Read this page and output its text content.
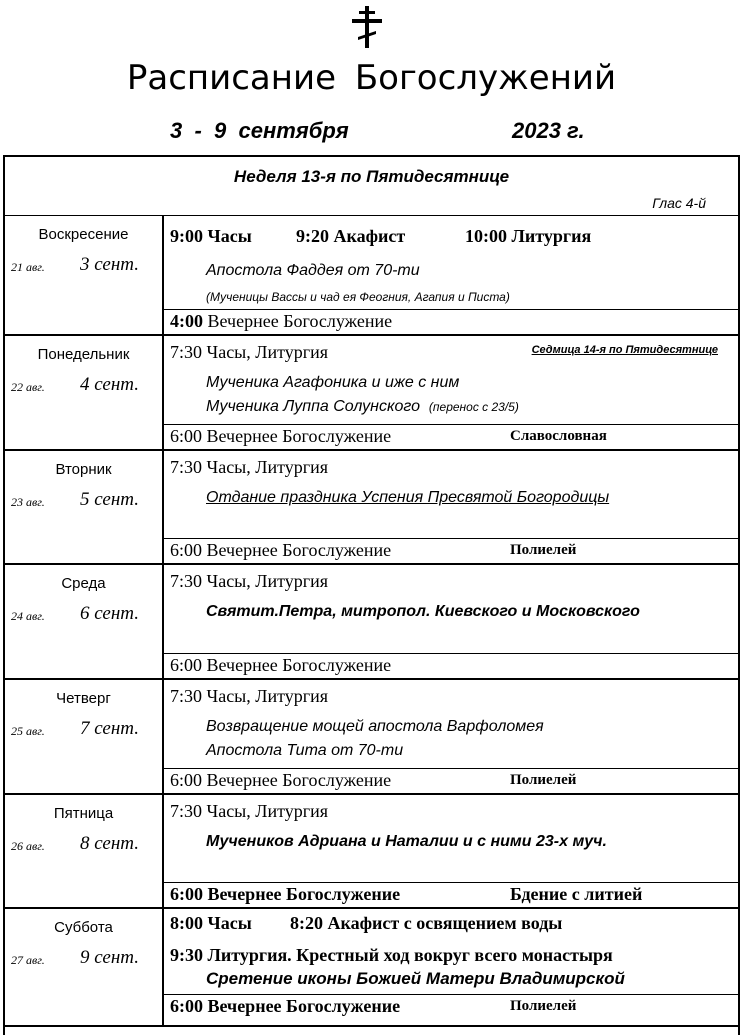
Расписание Богослужений
3  -  9  сентября	2023 г.
Неделя 13-я по Пятидесятнице
Глас 4-й
Воскресение
21 авг. 3 сент.
9:00 Часы 9:20 Акафист	10:00 Литургия
Апостола Фаддея от 70-ти
(Мученицы Вассы и чад ея Феогния, Агапия и Писта)
4:00 Вечернее Богослужение
Понедельник
22 авг. 4 сент.
7:30 Часы, Литургия	Седмица 14-я по Пятидесятнице
Мученика Агафоника и иже с ним
Мученика Луппа Солунского (перенос с 23/5)
6:00 Вечернее Богослужение	Славословная
Вторник
23 авг. 5 сент.
7:30 Часы, Литургия
Отдание праздника Успения Пресвятой Богородицы
6:00 Вечернее Богослужение	Полиелей
Среда
24 авг. 6 сент.
7:30 Часы, Литургия
Святит.Петра, митропол. Киевского и Московского
6:00 Вечернее Богослужение
Четверг
25 авг. 7 сент.
7:30 Часы, Литургия
Возвращение мощей апостола Варфоломея
Апостола Тита от 70-ти
6:00 Вечернее Богослужение	Полиелей
Пятница
26 авг. 8 сент.
7:30 Часы, Литургия
Мучеников Адриана и Наталии и с ними 23-х муч.
6:00 Вечернее Богослужение	Бдение с литией
Суббота
27 авг. 9 сент.
8:00 Часы 8:20 Акафист с освящением воды
9:30 Литургия. Крестный ход вокруг всего монастыря
Сретение иконы Божией Матери Владимирской
6:00 Вечернее Богослужение	Полиелей
